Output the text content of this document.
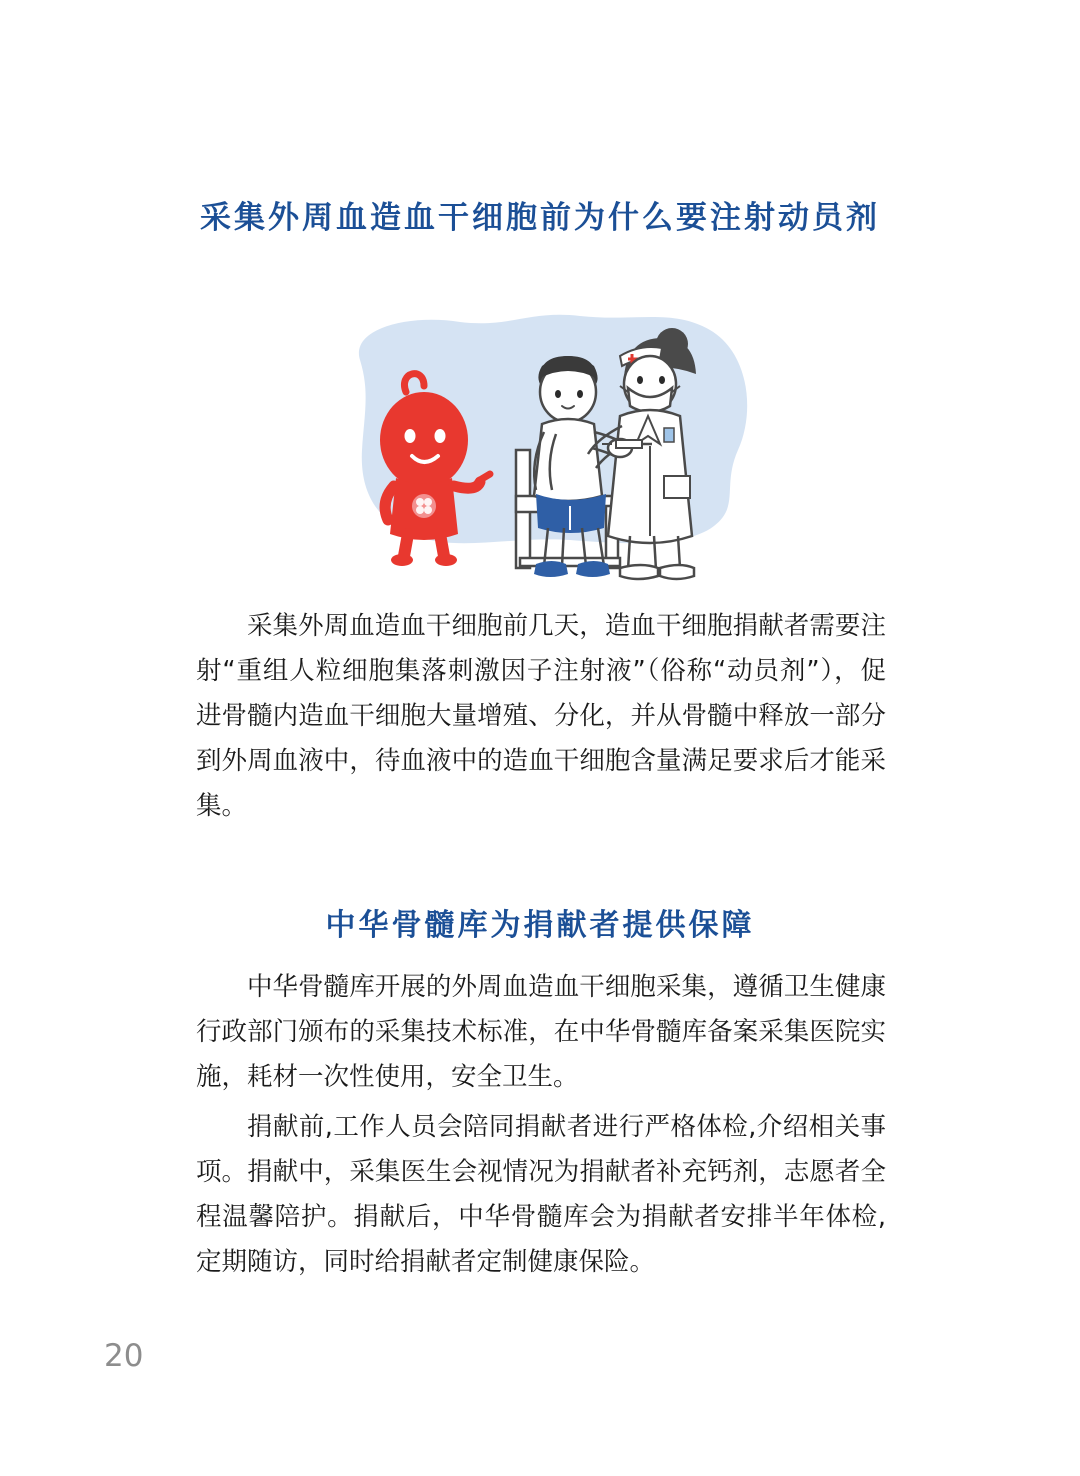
采集外周血造血干细胞前为什么要注射动员剂

采集外周血造血干细胞前几天，造血干细胞捐献者需要注射“重组人粒细胞集落刺激因子注射液”（俗称“动员剂”），促进骨髓内造血干细胞大量增殖、分化，并从骨髓中释放一部分到外周血液中，待血液中的造血干细胞含量满足要求后才能采集。

中华骨髓库为捐献者提供保障

中华骨髓库开展的外周血造血干细胞采集，遵循卫生健康行政部门颁布的采集技术标准，在中华骨髓库备案采集医院实施，耗材一次性使用，安全卫生。

捐献前,工作人员会陪同捐献者进行严格体检,介绍相关事项。捐献中，采集医生会视情况为捐献者补充钙剂，志愿者全程温馨陪护。捐献后，中华骨髓库会为捐献者安排半年体检,定期随访，同时给捐献者定制健康保险。

20
